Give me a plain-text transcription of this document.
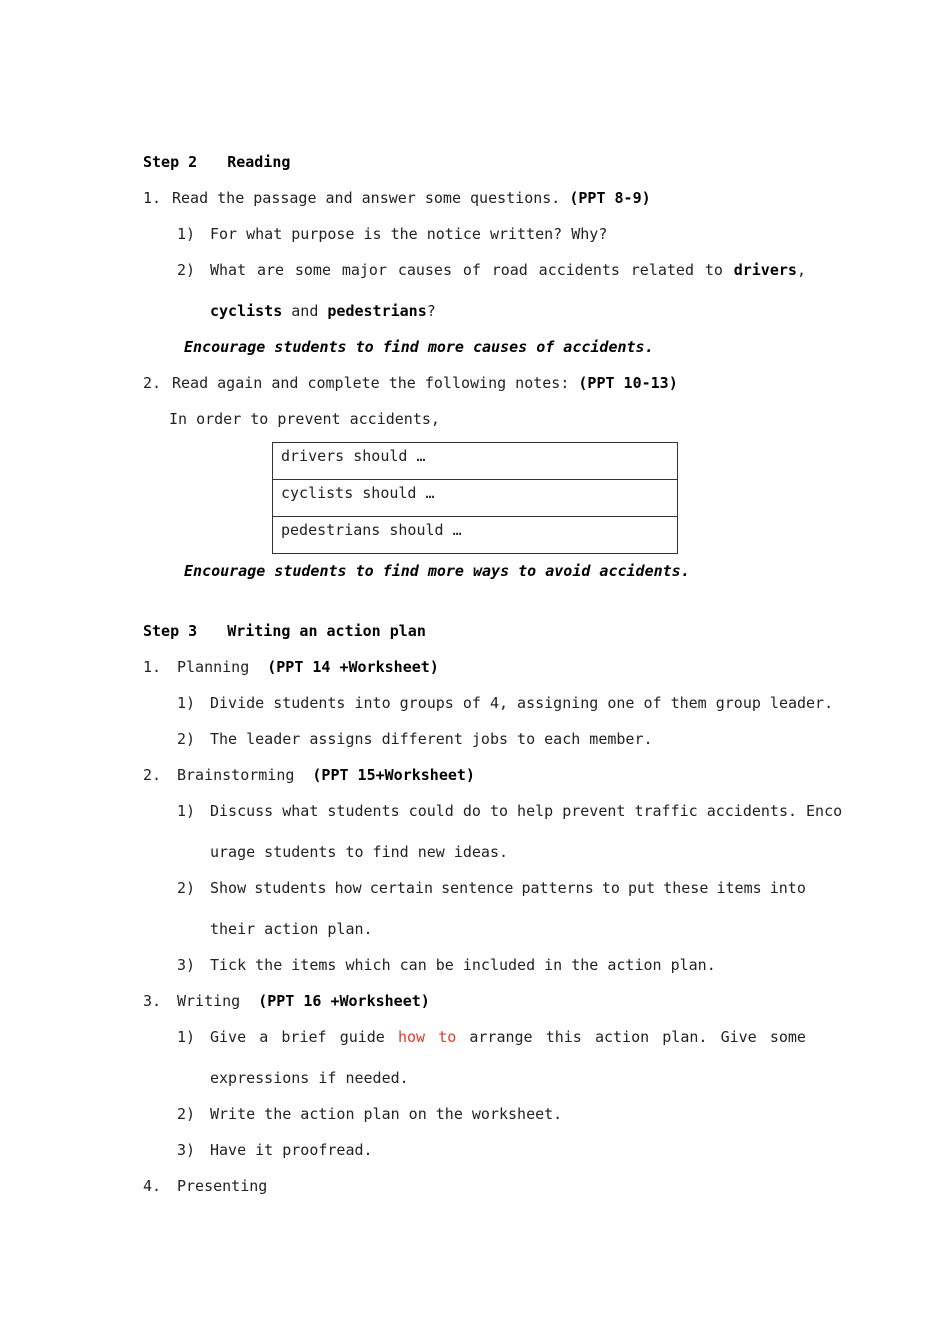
Step 2 Reading
1. Read the passage and answer some questions. (PPT 8-9)
1) For what purpose is the notice written? Why?
2) What are some major causes of road accidents related to drivers,
cyclists and pedestrians?
Encourage students to find more causes of accidents.
2. Read again and complete the following notes: (PPT 10-13)
In order to prevent accidents,
drivers should …
cyclists should …
pedestrians should …
Encourage students to find more ways to avoid accidents.
Step 3 Writing an action plan
1. Planning (PPT 14 +Worksheet)
1) Divide students into groups of 4, assigning one of them group leader.
2) The leader assigns different jobs to each member.
2. Brainstorming (PPT 15+Worksheet)
1) Discuss what students could do to help prevent traffic accidents. Enco
urage students to find new ideas.
2) Show students how certain sentence patterns to put these items into
their action plan.
3) Tick the items which can be included in the action plan.
3. Writing (PPT 16 +Worksheet)
1) Give a brief guide how to arrange this action plan. Give some
expressions if needed.
2) Write the action plan on the worksheet.
3) Have it proofread.
4. Presenting
